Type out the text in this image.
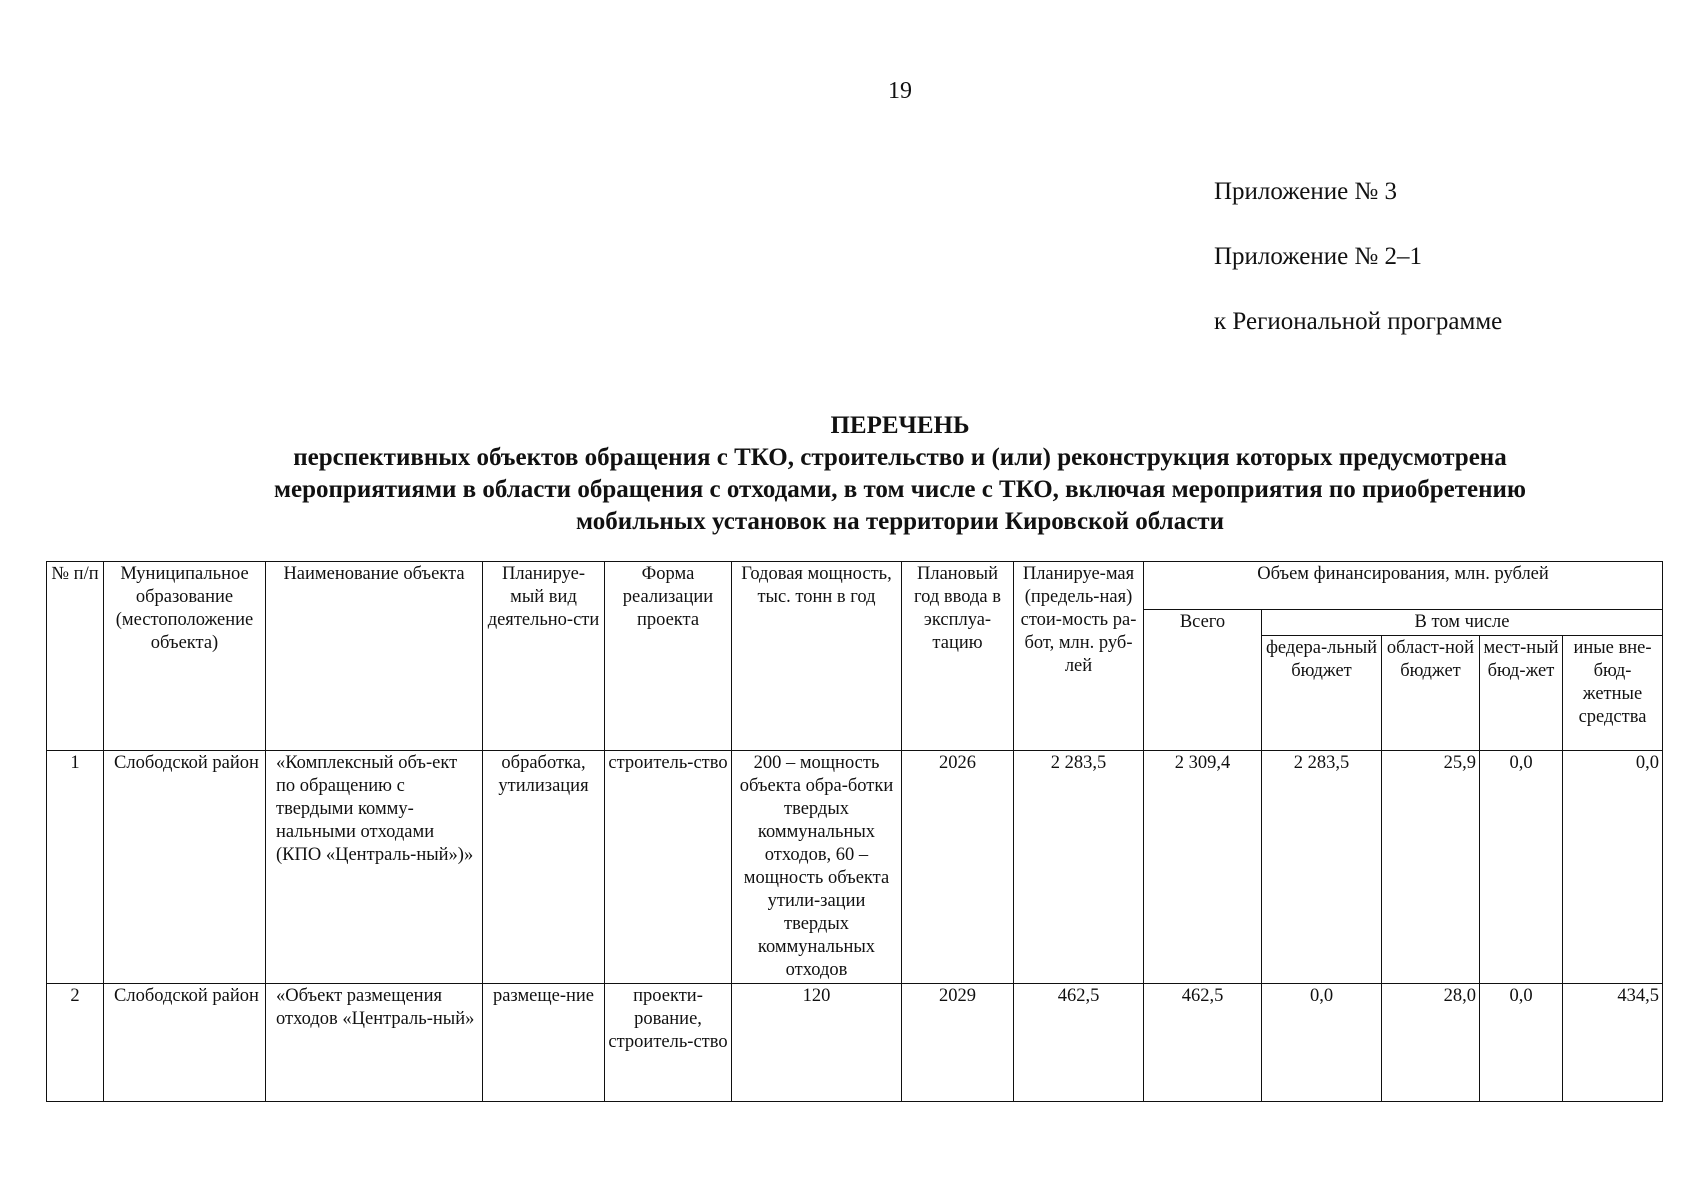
19
Приложение № 3
Приложение № 2–1
к Региональной программе
ПЕРЕЧЕНЬ
перспективных объектов обращения с ТКО, строительство и (или) реконструкция которых предусмотрена
мероприятиями в области обращения с отходами, в том числе с ТКО, включая мероприятия по приобретению
мобильных установок на территории Кировской области
№ п/п	Муниципальное образование (местоположение объекта)	Наименование объекта	Планируе-мый вид деятельно-сти	Форма реализации проекта	Годовая мощность, тыс. тонн в год	Плановый год ввода в эксплуа-тацию	Планируе-мая (предель-ная) стои-мость ра-бот, млн. руб-лей	Объем финансирования, млн. рублей				
								Всего	В том числе			
									федера-льный бюджет	област-ной бюджет	мест-ный бюд-жет	иные вне-бюд-жетные средства
1	Слободской район	«Комплексный объ-ект по обращению с твердыми комму-нальными отходами (КПО «Централь-ный»)»	обработка, утилизация	строитель-ство	200 – мощность объекта обра-ботки твердых коммунальных отходов, 60 – мощность объекта утили-зации твердых коммунальных отходов	2026	2 283,5	2 309,4	2 283,5	25,9	0,0	0,0
2	Слободской район	«Объект размещения отходов «Централь-ный»	размеще-ние	проекти-рование, строитель-ство	120	2029	462,5	462,5	0,0	28,0	0,0	434,5
